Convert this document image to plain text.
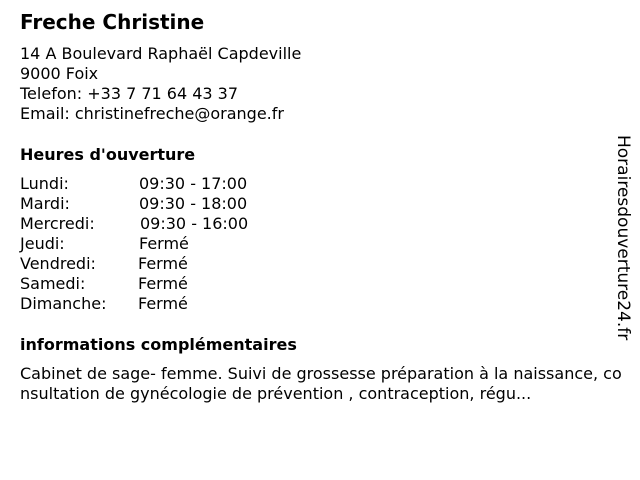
Freche Christine
14 A Boulevard Raphaël Capdeville
9000 Foix
Telefon: +33 7 71 64 43 37
Email: christinefreche@orange.fr
Heures d'ouverture
Lundi:	09:30 - 17:00
Mardi:	09:30 - 18:00
Mercredi:	09:30 - 16:00
Jeudi:	Fermé
Vendredi:	Fermé
Samedi:	Fermé
Dimanche: Fermé
informations complémentaires
Cabinet de sage- femme. Suivi de grossesse préparation à la naissance, consultation de gynécologie de prévention , contraception, régu...
Horairesdouverture24.fr
